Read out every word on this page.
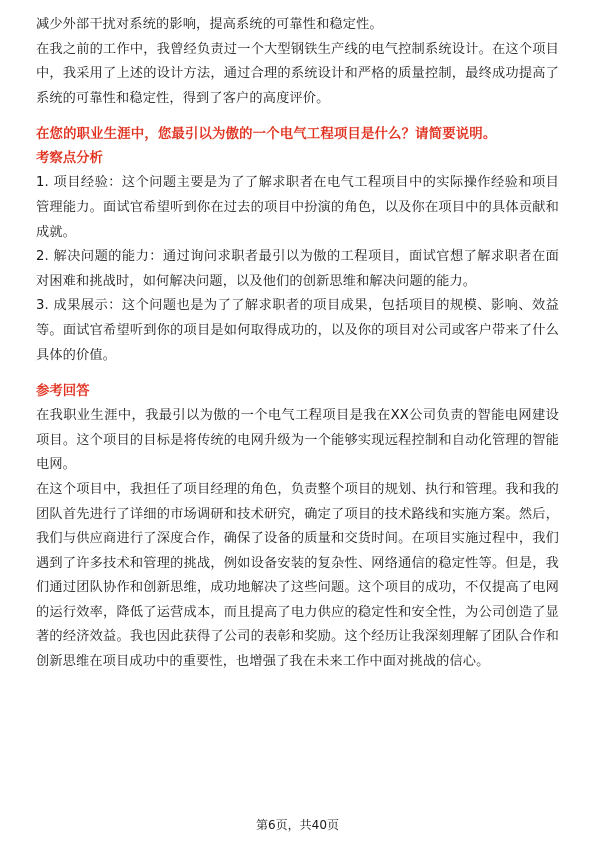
减少外部干扰对系统的影响，提高系统的可靠性和稳定性。

在我之前的工作中，我曾经负责过一个大型钢铁生产线的电气控制系统设计。在这个项目中，我采用了上述的设计方法，通过合理的系统设计和严格的质量控制，最终成功提高了系统的可靠性和稳定性，得到了客户的高度评价。

在您的职业生涯中，您最引以为傲的一个电气工程项目是什么？请简要说明。

考察点分析

1. 项目经验：这个问题主要是为了了解求职者在电气工程项目中的实际操作经验和项目管理能力。面试官希望听到你在过去的项目中扮演的角色，以及你在项目中的具体贡献和成就。

2. 解决问题的能力：通过询问求职者最引以为傲的工程项目，面试官想了解求职者在面对困难和挑战时，如何解决问题，以及他们的创新思维和解决问题的能力。

3. 成果展示：这个问题也是为了了解求职者的项目成果，包括项目的规模、影响、效益等。面试官希望听到你的项目是如何取得成功的，以及你的项目对公司或客户带来了什么具体的价值。

参考回答

在我职业生涯中，我最引以为傲的一个电气工程项目是我在XX公司负责的智能电网建设项目。这个项目的目标是将传统的电网升级为一个能够实现远程控制和自动化管理的智能电网。

在这个项目中，我担任了项目经理的角色，负责整个项目的规划、执行和管理。我和我的团队首先进行了详细的市场调研和技术研究，确定了项目的技术路线和实施方案。然后，我们与供应商进行了深度合作，确保了设备的质量和交货时间。在项目实施过程中，我们遇到了许多技术和管理的挑战，例如设备安装的复杂性、网络通信的稳定性等。但是，我们通过团队协作和创新思维，成功地解决了这些问题。这个项目的成功，不仅提高了电网的运行效率，降低了运营成本，而且提高了电力供应的稳定性和安全性，为公司创造了显著的经济效益。我也因此获得了公司的表彰和奖励。这个经历让我深刻理解了团队合作和创新思维在项目成功中的重要性，也增强了我在未来工作中面对挑战的信心。

第6页，共40页
